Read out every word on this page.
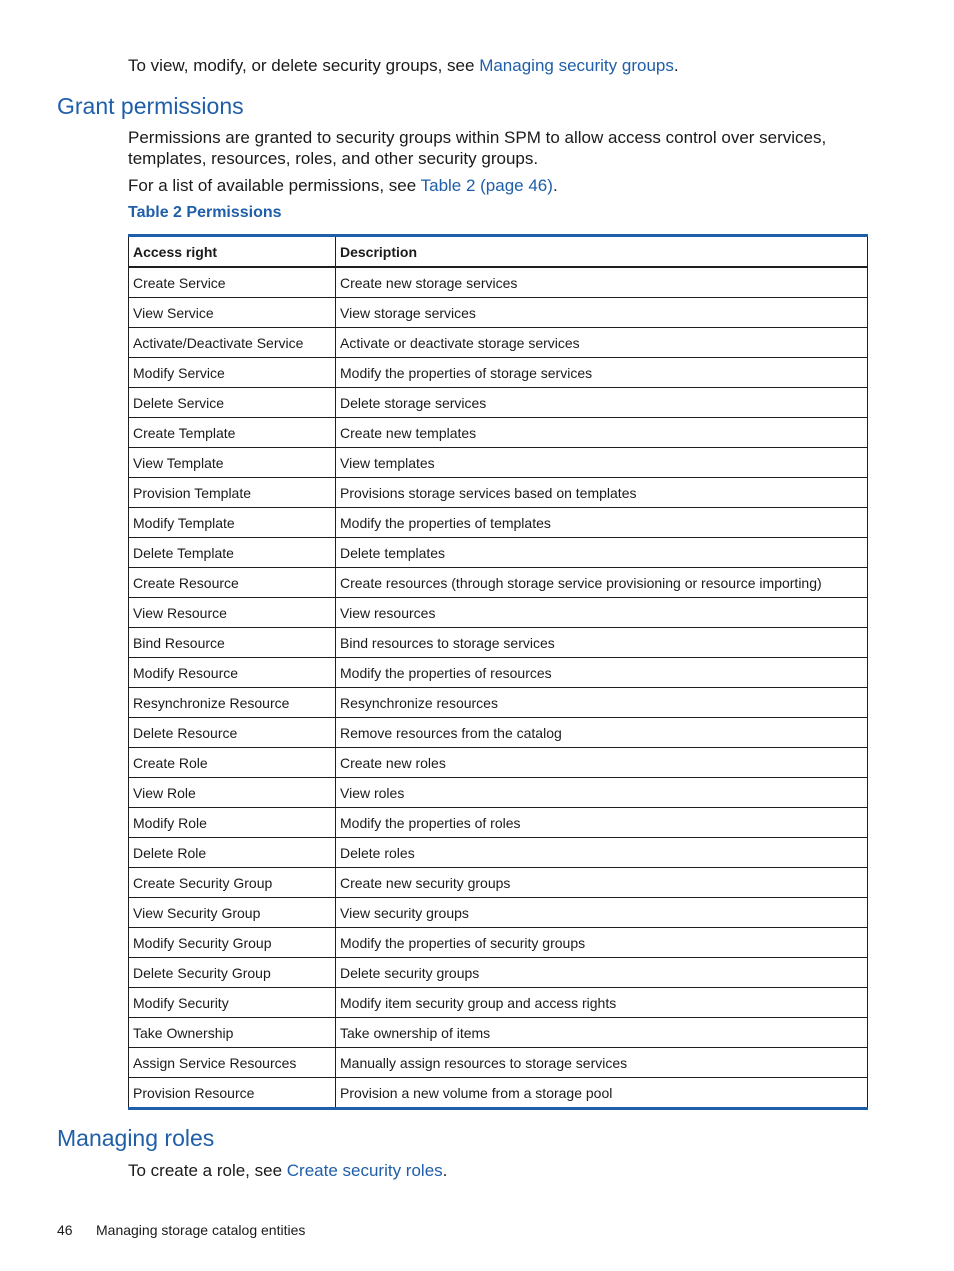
To view, modify, or delete security groups, see Managing security groups.

Grant permissions

Permissions are granted to security groups within SPM to allow access control over services, templates, resources, roles, and other security groups.

For a list of available permissions, see Table 2 (page 46).

Table 2 Permissions
Access right	Description
Create Service	Create new storage services
View Service	View storage services
Activate/Deactivate Service	Activate or deactivate storage services
Modify Service	Modify the properties of storage services
Delete Service	Delete storage services
Create Template	Create new templates
View Template	View templates
Provision Template	Provisions storage services based on templates
Modify Template	Modify the properties of templates
Delete Template	Delete templates
Create Resource	Create resources (through storage service provisioning or resource importing)
View Resource	View resources
Bind Resource	Bind resources to storage services
Modify Resource	Modify the properties of resources
Resynchronize Resource	Resynchronize resources
Delete Resource	Remove resources from the catalog
Create Role	Create new roles
View Role	View roles
Modify Role	Modify the properties of roles
Delete Role	Delete roles
Create Security Group	Create new security groups
View Security Group	View security groups
Modify Security Group	Modify the properties of security groups
Delete Security Group	Delete security groups
Modify Security	Modify item security group and access rights
Take Ownership	Take ownership of items
Assign Service Resources	Manually assign resources to storage services
Provision Resource	Provision a new volume from a storage pool
Managing roles

To create a role, see Create security roles.

46 Managing storage catalog entities
